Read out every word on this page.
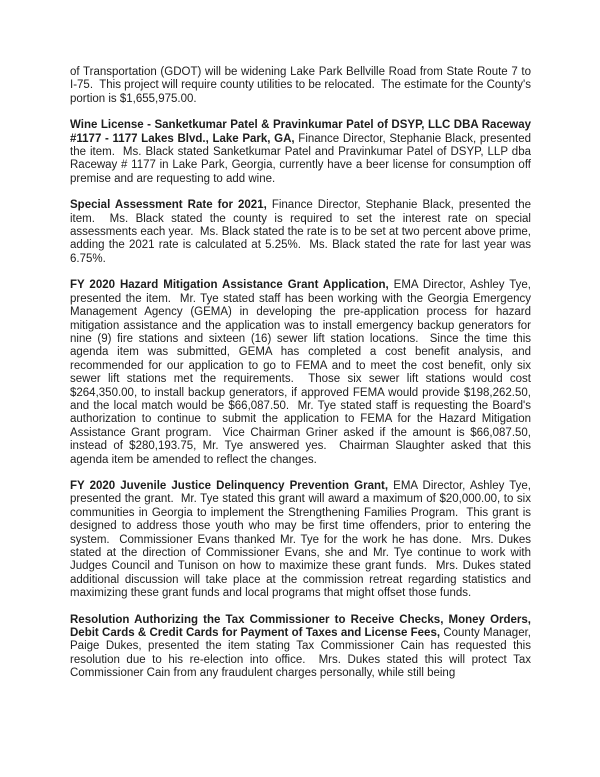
of Transportation (GDOT) will be widening Lake Park Bellville Road from State Route 7 to I-75.  This project will require county utilities to be relocated.  The estimate for the County's portion is $1,655,975.00.
Wine License - Sanketkumar Patel & Pravinkumar Patel of DSYP, LLC DBA Raceway #1177 - 1177 Lakes Blvd., Lake Park, GA, Finance Director, Stephanie Black, presented the item.  Ms. Black stated Sanketkumar Patel and Pravinkumar Patel of DSYP, LLP dba Raceway # 1177 in Lake Park, Georgia, currently have a beer license for consumption off premise and are requesting to add wine.
Special Assessment Rate for 2021, Finance Director, Stephanie Black, presented the item.  Ms. Black stated the county is required to set the interest rate on special assessments each year.  Ms. Black stated the rate is to be set at two percent above prime, adding the 2021 rate is calculated at 5.25%.  Ms. Black stated the rate for last year was 6.75%.
FY 2020 Hazard Mitigation Assistance Grant Application, EMA Director, Ashley Tye, presented the item.  Mr. Tye stated staff has been working with the Georgia Emergency Management Agency (GEMA) in developing the pre-application process for hazard mitigation assistance and the application was to install emergency backup generators for nine (9) fire stations and sixteen (16) sewer lift station locations.  Since the time this agenda item was submitted, GEMA has completed a cost benefit analysis, and recommended for our application to go to FEMA and to meet the cost benefit, only six sewer lift stations met the requirements.  Those six sewer lift stations would cost $264,350.00, to install backup generators, if approved FEMA would provide $198,262.50, and the local match would be $66,087.50.  Mr. Tye stated staff is requesting the Board's authorization to continue to submit the application to FEMA for the Hazard Mitigation Assistance Grant program.  Vice Chairman Griner asked if the amount is $66,087.50, instead of $280,193.75, Mr. Tye answered yes.  Chairman Slaughter asked that this agenda item be amended to reflect the changes.
FY 2020 Juvenile Justice Delinquency Prevention Grant, EMA Director, Ashley Tye, presented the grant.  Mr. Tye stated this grant will award a maximum of $20,000.00, to six communities in Georgia to implement the Strengthening Families Program.  This grant is designed to address those youth who may be first time offenders, prior to entering the system.  Commissioner Evans thanked Mr. Tye for the work he has done.  Mrs. Dukes stated at the direction of Commissioner Evans, she and Mr. Tye continue to work with Judges Council and Tunison on how to maximize these grant funds.  Mrs. Dukes stated additional discussion will take place at the commission retreat regarding statistics and maximizing these grant funds and local programs that might offset those funds.
Resolution Authorizing the Tax Commissioner to Receive Checks, Money Orders, Debit Cards & Credit Cards for Payment of Taxes and License Fees, County Manager, Paige Dukes, presented the item stating Tax Commissioner Cain has requested this resolution due to his re-election into office.  Mrs. Dukes stated this will protect Tax Commissioner Cain from any fraudulent charges personally, while still being
